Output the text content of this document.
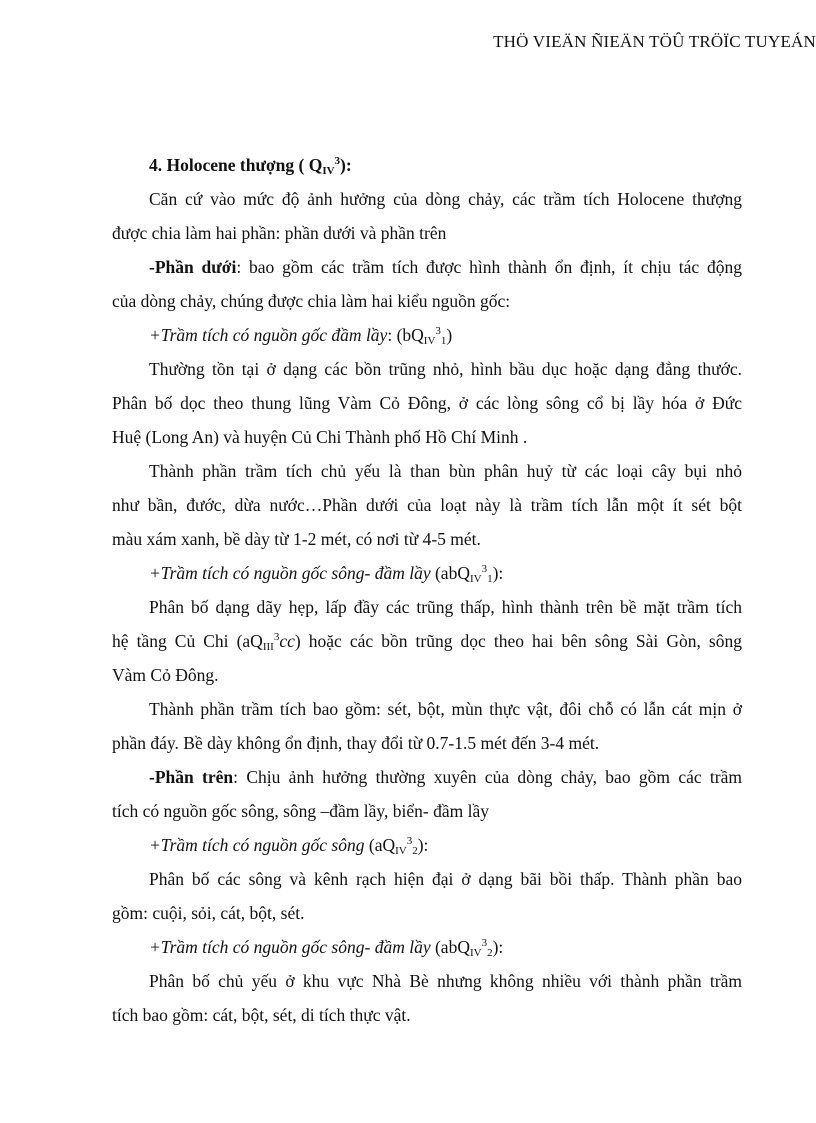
THÖ VIEÄN ÑIEÄN TÖÛ TRÖÏC TUYEÁN
4. Holocene thượng ( $Q_{IV}^3$):
Căn cứ vào mức độ ảnh hưởng của dòng chảy, các trầm tích Holocene thượng
được chia làm hai phần: phần dưới và phần trên
-Phần dưới: bao gồm các trầm tích được hình thành ổn định, ít chịu tác động
của dòng chảy, chúng được chia làm hai kiểu nguồn gốc:
+Trầm tích có nguồn gốc đầm lầy: $(bQ_{IV}^3_1)$
Thường tồn tại ở dạng các bồn trũng nhỏ, hình bầu dục hoặc dạng đẳng thước.
Phân bố dọc theo thung lũng Vàm Cỏ Đông, ở các lòng sông cổ bị lầy hóa ở Đức
Huệ (Long An) và huyện Củ Chi Thành phố Hồ Chí Minh .
Thành phần trầm tích chủ yếu là than bùn phân huỷ từ các loại cây bụi nhỏ
như bần, đước, dừa nước…Phần dưới của loạt này là trầm tích lẫn một ít sét bột
màu xám xanh, bề dày từ 1-2 mét, có nơi từ 4-5 mét.
+Trầm tích có nguồn gốc sông- đầm lầy (abQ$_{IV}^3_1$):
Phân bố dạng dãy hẹp, lấp đầy các trũng thấp, hình thành trên bề mặt trầm tích
hệ tầng Củ Chi $(aQ_{III}^3cc)$ hoặc các bồn trũng dọc theo hai bên sông Sài Gòn, sông
Vàm Cỏ Đông.
Thành phần trầm tích bao gồm: sét, bột, mùn thực vật, đôi chỗ có lẫn cát mịn ở
phần đáy. Bề dày không ổn định, thay đổi từ 0.7-1.5 mét đến 3-4 mét.
-Phần trên: Chịu ảnh hưởng thường xuyên của dòng chảy, bao gồm các trầm
tích có nguồn gốc sông, sông –đầm lầy, biển- đầm lầy
+Trầm tích có nguồn gốc sông $(aQ_{IV}^3_2)$:
Phân bố các sông và kênh rạch hiện đại ở dạng bãi bồi thấp. Thành phần bao
gồm: cuội, sỏi, cát, bột, sét.
+Trầm tích có nguồn gốc sông- đầm lầy (abQ$_{IV}^3_2$):
Phân bố chủ yếu ở khu vực Nhà Bè nhưng không nhiều với thành phần trầm
tích bao gồm: cát, bột, sét, di tích thực vật.
